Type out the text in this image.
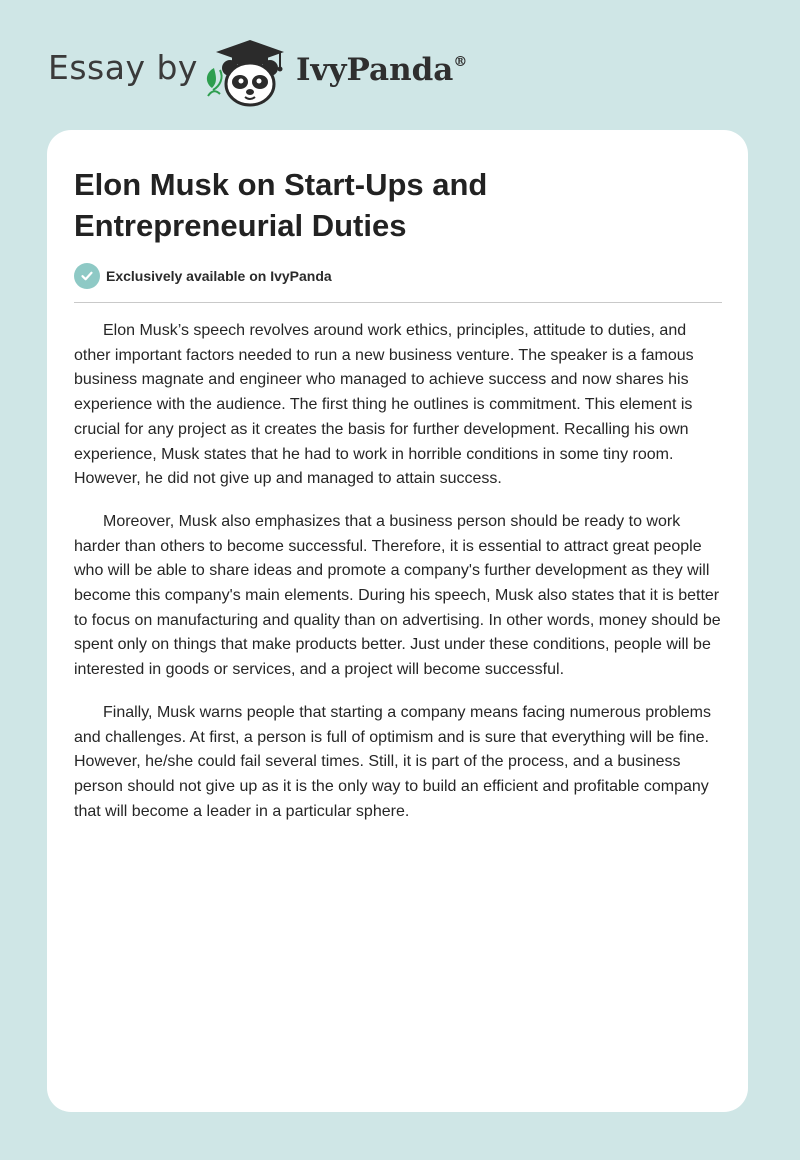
Essay by	IvyPanda®
Elon Musk on Start-Ups and Entrepreneurial Duties
Exclusively available on IvyPanda

Elon Musk’s speech revolves around work ethics, principles, attitude to duties, and other important factors needed to run a new business venture. The speaker is a famous business magnate and engineer who managed to achieve success and now shares his experience with the audience. The first thing he outlines is commitment. This element is crucial for any project as it creates the basis for further development. Recalling his own experience, Musk states that he had to work in horrible conditions in some tiny room. However, he did not give up and managed to attain success.

Moreover, Musk also emphasizes that a business person should be ready to work harder than others to become successful. Therefore, it is essential to attract great people who will be able to share ideas and promote a company's further development as they will become this company's main elements. During his speech, Musk also states that it is better to focus on manufacturing and quality than on advertising. In other words, money should be spent only on things that make products better. Just under these conditions, people will be interested in goods or services, and a project will become successful.

Finally, Musk warns people that starting a company means facing numerous problems and challenges. At first, a person is full of optimism and is sure that everything will be fine. However, he/she could fail several times. Still, it is part of the process, and a business person should not give up as it is the only way to build an efficient and profitable company that will become a leader in a particular sphere.
